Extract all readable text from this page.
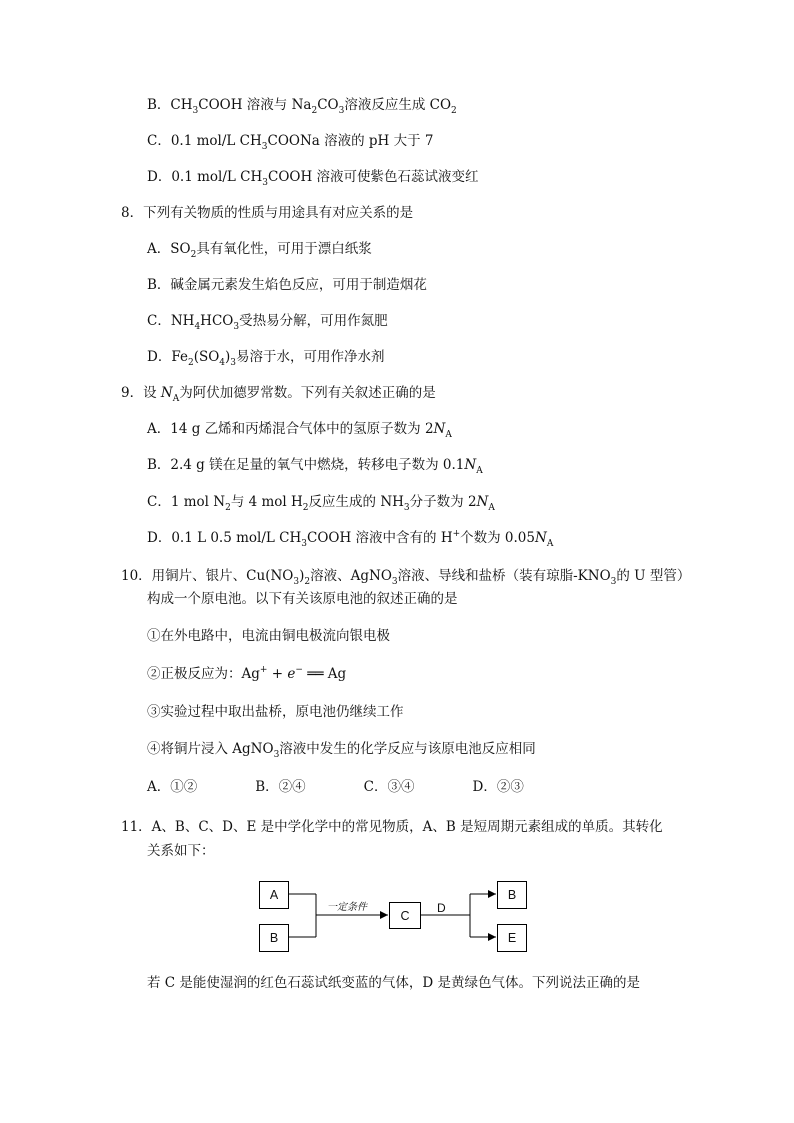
B．$CH_3COOH$ 溶液与 $Na_2CO_3$溶液反应生成 $CO_2$
C．0.1 mol/L $CH_3COONa$ 溶液的 pH 大于 7
D．0.1 mol/L $CH_3COOH$ 溶液可使紫色石蕊试液变红
8．下列有关物质的性质与用途具有对应关系的是
A．$SO_2$具有氧化性，可用于漂白纸浆
B．碱金属元素发生焰色反应，可用于制造烟花
C．$NH_4HCO_3$受热易分解，可用作氮肥
D．$Fe_2(SO_4)_3$易溶于水，可用作净水剂
9．设 $N_A$为阿伏加德罗常数。下列有关叙述正确的是
A．14 g 乙烯和丙烯混合气体中的氢原子数为 $2N_A$
B．2.4 g 镁在足量的氧气中燃烧，转移电子数为 $0.1N_A$
C．1 mol $N_2$与 4 mol $H_2$反应生成的 $NH_3$分子数为 $2N_A$
D．0.1 L 0.5 mol/L $CH_3COOH$ 溶液中含有的 H+个数为 $0.05N_A$
10．用铜片、银片、$Cu(NO_3)_2$溶液、AgNO$_3$溶液、导线和盐桥（装有琼脂$-KNO_3$的 U 型管）
构成一个原电池。以下有关该原电池的叙述正确的是
①在外电路中，电流由铜电极流向银电极
②正极反应为：Ag+ + e− ══ Ag
③实验过程中取出盐桥，原电池仍继续工作
④将铜片浸入 AgNO$_3$溶液中发生的化学反应与该原电池反应相同
A．①②	B．②④	C．③④	D．②③
11．A、B、C、D、E 是中学化学中的常见物质，A、B 是短周期元素组成的单质。其转化
关系如下：
A
B
C
B
E
一定条件	D
若 C 是能使湿润的红色石蕊试纸变蓝的气体，D 是黄绿色气体。下列说法正确的是
